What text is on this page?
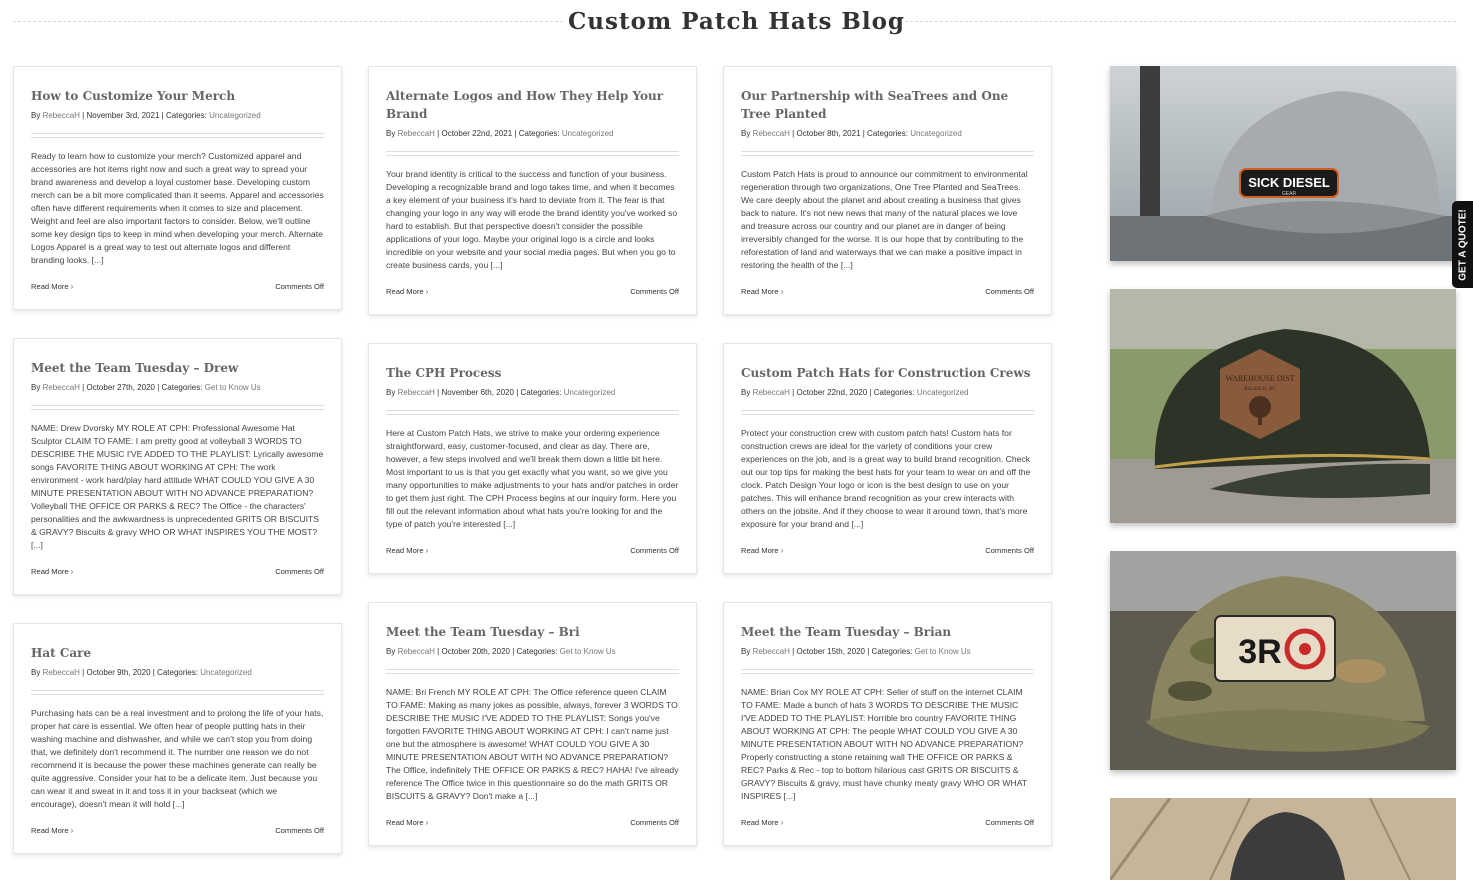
Custom Patch Hats Blog
How to Customize Your Merch
By RebeccaH | November 3rd, 2021 | Categories: Uncategorized

Ready to learn how to customize your merch? Customized apparel and accessories are hot items right now and such a great way to spread your brand awareness and develop a loyal customer base. Developing custom merch can be a bit more complicated than it seems. Apparel and accessories often have different requirements when it comes to size and placement. Weight and feel are also important factors to consider. Below, we'll outline some key design tips to keep in mind when developing your merch. Alternate Logos Apparel is a great way to test out alternate logos and different branding looks. [...]

Read More ›	Comments Off
Meet the Team Tuesday – Drew
By RebeccaH | October 27th, 2020 | Categories: Get to Know Us

NAME: Drew Dvorsky MY ROLE AT CPH: Professional Awesome Hat Sculptor CLAIM TO FAME: I am pretty good at volleyball 3 WORDS TO DESCRIBE THE MUSIC I'VE ADDED TO THE PLAYLIST: Lyrically awesome songs FAVORITE THING ABOUT WORKING AT CPH: The work environment - work hard/play hard attitude WHAT COULD YOU GIVE A 30 MINUTE PRESENTATION ABOUT WITH NO ADVANCE PREPARATION? Volleyball THE OFFICE OR PARKS & REC? The Office - the characters' personalities and the awkwardness is unprecedented GRITS OR BISCUITS & GRAVY? Biscuits & gravy WHO OR WHAT INSPIRES YOU THE MOST? [...]

Read More ›	Comments Off
Hat Care
By RebeccaH | October 9th, 2020 | Categories: Uncategorized

Purchasing hats can be a real investment and to prolong the life of your hats, proper hat care is essential. We often hear of people putting hats in their washing machine and dishwasher, and while we can't stop you from doing that, we definitely don't recommend it. The number one reason we do not recommend it is because the power these machines generate can really be quite aggressive. Consider your hat to be a delicate item. Just because you can wear it and sweat in it and toss it in your backseat (which we encourage), doesn't mean it will hold [...]

Read More ›	Comments Off
Alternate Logos and How They Help Your Brand
By RebeccaH | October 22nd, 2021 | Categories: Uncategorized

Your brand identity is critical to the success and function of your business. Developing a recognizable brand and logo takes time, and when it becomes a key element of your business it's hard to deviate from it. The fear is that changing your logo in any way will erode the brand identity you've worked so hard to establish. But that perspective doesn't consider the possible applications of your logo. Maybe your original logo is a circle and looks incredible on your website and your social media pages. But when you go to create business cards, you [...]

Read More ›	Comments Off
The CPH Process
By RebeccaH | November 6th, 2020 | Categories: Uncategorized

Here at Custom Patch Hats, we strive to make your ordering experience straightforward, easy, customer-focused, and clear as day. There are, however, a few steps involved and we'll break them down a little bit here. Most important to us is that you get exactly what you want, so we give you many opportunities to make adjustments to your hats and/or patches in order to get them just right. The CPH Process begins at our inquiry form. Here you fill out the relevant information about what hats you're looking for and the type of patch you're interested [...]

Read More ›	Comments Off
Meet the Team Tuesday – Bri
By RebeccaH | October 20th, 2020 | Categories: Get to Know Us

NAME: Bri French MY ROLE AT CPH: The Office reference queen CLAIM TO FAME: Making as many jokes as possible, always, forever 3 WORDS TO DESCRIBE THE MUSIC I'VE ADDED TO THE PLAYLIST: Songs you've forgotten FAVORITE THING ABOUT WORKING AT CPH: I can't name just one but the atmosphere is awesome! WHAT COULD YOU GIVE A 30 MINUTE PRESENTATION ABOUT WITH NO ADVANCE PREPARATION? The Office, indefinitely THE OFFICE OR PARKS & REC? HAHA! I've already reference The Office twice in this questionnaire so do the math GRITS OR BISCUITS & GRAVY? Don't make a [...]

Read More ›	Comments Off
Our Partnership with SeaTrees and One Tree Planted
By RebeccaH | October 8th, 2021 | Categories: Uncategorized

Custom Patch Hats is proud to announce our commitment to environmental regeneration through two organizations, One Tree Planted and SeaTrees. We care deeply about the planet and about creating a business that gives back to nature. It's not new news that many of the natural places we love and treasure across our country and our planet are in danger of being irreversibly changed for the worse. It is our hope that by contributing to the reforestation of land and waterways that we can make a positive impact in restoring the health of the [...]

Read More ›	Comments Off
Custom Patch Hats for Construction Crews
By RebeccaH | October 22nd, 2020 | Categories: Uncategorized

Protect your construction crew with custom patch hats! Custom hats for construction crews are ideal for the variety of conditions your crew experiences on the job, and is a great way to build brand recognition. Check out our top tips for making the best hats for your team to wear on and off the clock. Patch Design Your logo or icon is the best design to use on your patches. This will enhance brand recognition as your crew interacts with others on the jobsite. And if they choose to wear it around town, that's more exposure for your brand and [...]

Read More ›	Comments Off
Meet the Team Tuesday – Brian
By RebeccaH | October 15th, 2020 | Categories: Get to Know Us

NAME: Brian Cox MY ROLE AT CPH: Seller of stuff on the internet CLAIM TO FAME: Made a bunch of hats 3 WORDS TO DESCRIBE THE MUSIC I'VE ADDED TO THE PLAYLIST: Horrible bro country FAVORITE THING ABOUT WORKING AT CPH: The people WHAT COULD YOU GIVE A 30 MINUTE PRESENTATION ABOUT WITH NO ADVANCE PREPARATION? Properly constructing a stone retaining wall THE OFFICE OR PARKS & REC? Parks & Rec - top to bottom hilarious cast GRITS OR BISCUITS & GRAVY? Biscuits & gravy, must have chunky meaty gravy WHO OR WHAT INSPIRES [...]

Read More ›	Comments Off
SICK DIESEL
GEAR
WAREHOUSE DIST
RALEIGH, NC
3R
GET A QUOTE!
